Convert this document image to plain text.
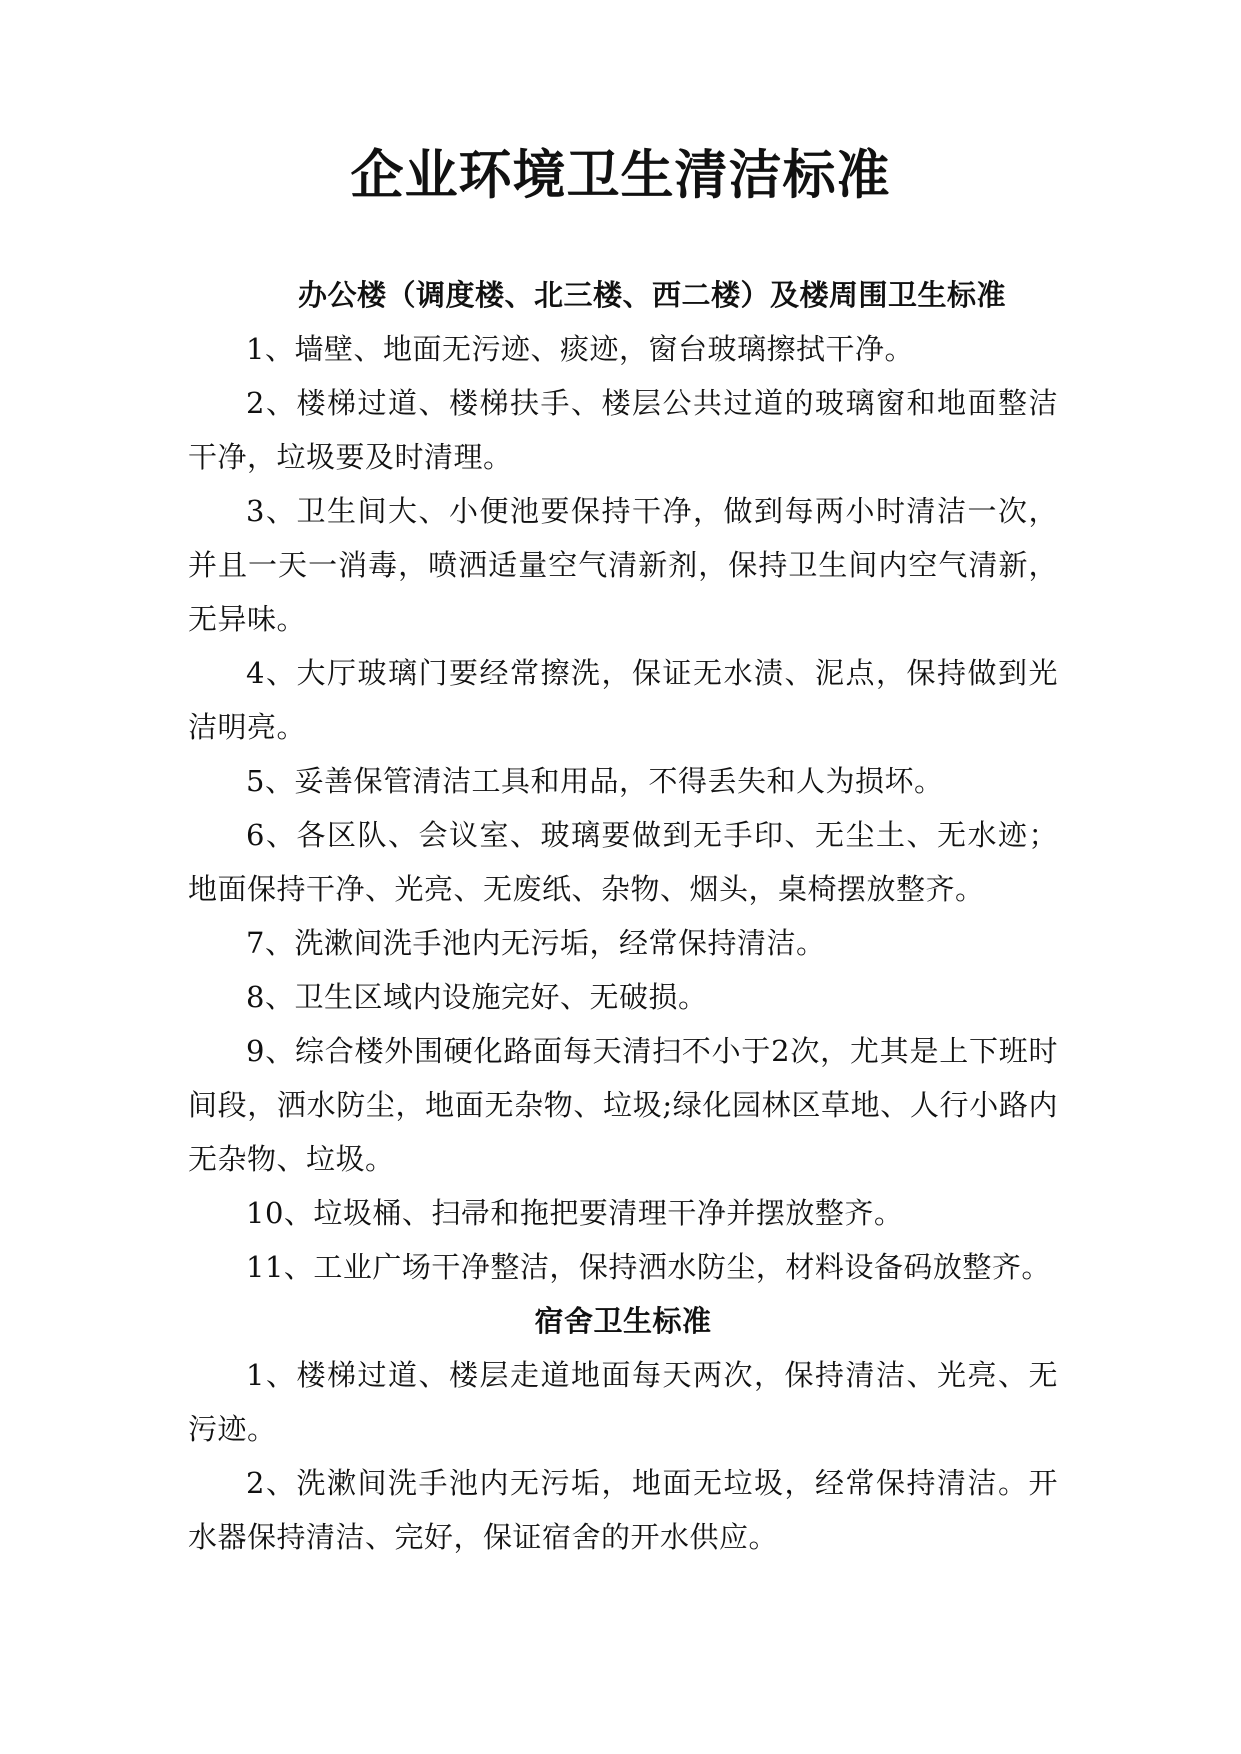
企业环境卫生清洁标准
办公楼（调度楼、北三楼、西二楼）及楼周围卫生标准

1、墙壁、地面无污迹、痰迹，窗台玻璃擦拭干净。

2、楼梯过道、楼梯扶手、楼层公共过道的玻璃窗和地面整洁干净，垃圾要及时清理。

3、卫生间大、小便池要保持干净，做到每两小时清洁一次，并且一天一消毒，喷洒适量空气清新剂，保持卫生间内空气清新，无异味。

4、大厅玻璃门要经常擦洗，保证无水渍、泥点，保持做到光洁明亮。

5、妥善保管清洁工具和用品，不得丢失和人为损坏。

6、各区队、会议室、玻璃要做到无手印、无尘土、无水迹；地面保持干净、光亮、无废纸、杂物、烟头，桌椅摆放整齐。

7、洗漱间洗手池内无污垢，经常保持清洁。

8、卫生区域内设施完好、无破损。

9、综合楼外围硬化路面每天清扫不小于2次，尤其是上下班时间段，洒水防尘，地面无杂物、垃圾;绿化园林区草地、人行小路内无杂物、垃圾。

10、垃圾桶、扫帚和拖把要清理干净并摆放整齐。

11、工业广场干净整洁，保持洒水防尘，材料设备码放整齐。

宿舍卫生标准

1、楼梯过道、楼层走道地面每天两次，保持清洁、光亮、无污迹。

2、洗漱间洗手池内无污垢，地面无垃圾，经常保持清洁。开水器保持清洁、完好，保证宿舍的开水供应。
